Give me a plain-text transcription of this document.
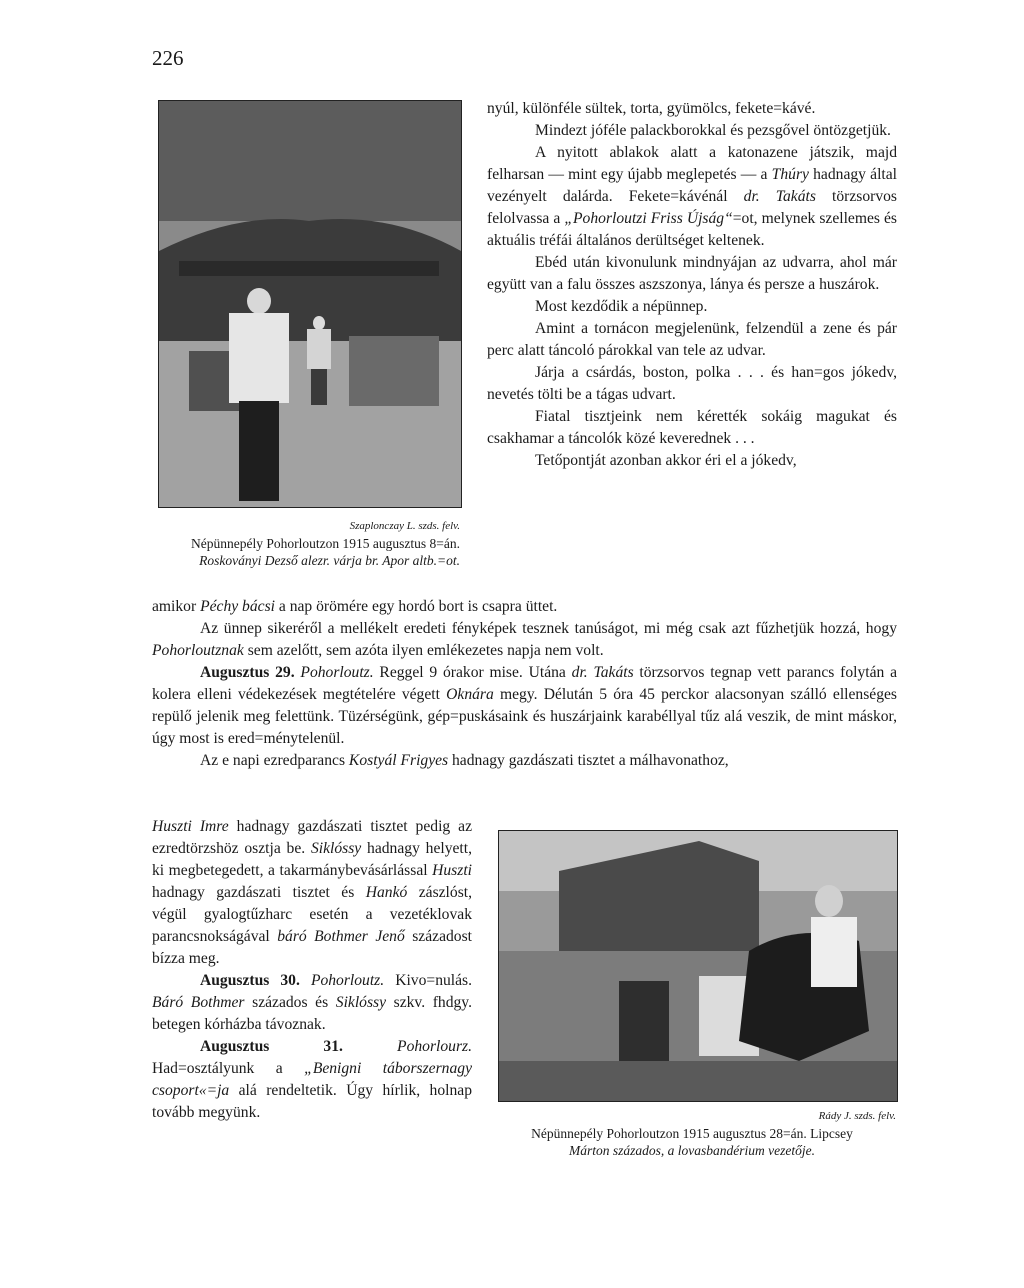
226
Szaplonczay L. szds. felv.
Népünnepély Pohorloutzon 1915 augusztus 8=án.
Roskoványi Dezső alezr. várja br. Apor altb.=ot.

nyúl, különféle sültek, torta, gyümölcs, fekete=kávé.

Mindezt jóféle palackborokkal és pezsgővel öntözgetjük.

A nyitott ablakok alatt a katonazene játszik, majd felharsan — mint egy újabb meglepetés — a Thúry hadnagy által vezényelt dalárda. Fekete=kávénál dr. Takáts törzsorvos felolvassa a „Pohorloutzi Friss Újság“=ot, melynek szellemes és aktuális tréfái általános derültséget keltenek.

Ebéd után kivonulunk mindnyájan az udvarra, ahol már együtt van a falu összes aszszonya, lánya és persze a huszárok.

Most kezdődik a népünnep.

Amint a tornácon megjelenünk, felzendül a zene és pár perc alatt táncoló párokkal van tele az udvar.

Járja a csárdás, boston, polka . . . és han=gos jókedv, nevetés tölti be a tágas udvart.

Fiatal tisztjeink nem kérették sokáig magukat és csakhamar a táncolók közé keverednek . . .

Tetőpontját azonban akkor éri el a jókedv,

amikor Péchy bácsi a nap örömére egy hordó bort is csapra üttet.

Az ünnep sikeréről a mellékelt eredeti fényképek tesznek tanúságot, mi még csak azt fűzhetjük hozzá, hogy Pohorloutznak sem azelőtt, sem azóta ilyen emlékezetes napja nem volt.

Augusztus 29. Pohorloutz. Reggel 9 órakor mise. Utána dr. Takáts törzsorvos tegnap vett parancs folytán a kolera elleni védekezések megtételére végett Oknára megy. Délután 5 óra 45 perckor alacsonyan szálló ellenséges repülő jelenik meg felettünk. Tüzérségünk, gép=puskásaink és huszárjaink karabéllyal tűz alá veszik, de mint máskor, úgy most is ered=ménytelenül.

Az e napi ezredparancs Kostyál Frigyes hadnagy gazdászati tisztet a málhavonathoz,

Huszti Imre hadnagy gazdászati tisztet pedig az ezredtörzshöz osztja be. Siklóssy hadnagy helyett, ki megbetegedett, a takarmánybevásárlással Huszti hadnagy gazdászati tisztet és Hankó zászlóst, végül gyalogtűzharc esetén a vezetéklovak parancsnokságával báró Bothmer Jenő századost bízza meg.

Augusztus 30. Pohorloutz. Kivo=nulás. Báró Bothmer százados és Siklóssy szkv. fhdgy. betegen kórházba távoznak.

Augusztus 31.	Pohorlourz. Had=osztályunk a „Benigni táborszernagy csoport«=ja alá rendeltetik. Úgy hírlik, holnap tovább megyünk.	Rády J. szds. felv.
Népünnepély Pohorloutzon 1915 augusztus 28=án. Lipcsey
Márton százados, a lovasbandérium vezetője.
